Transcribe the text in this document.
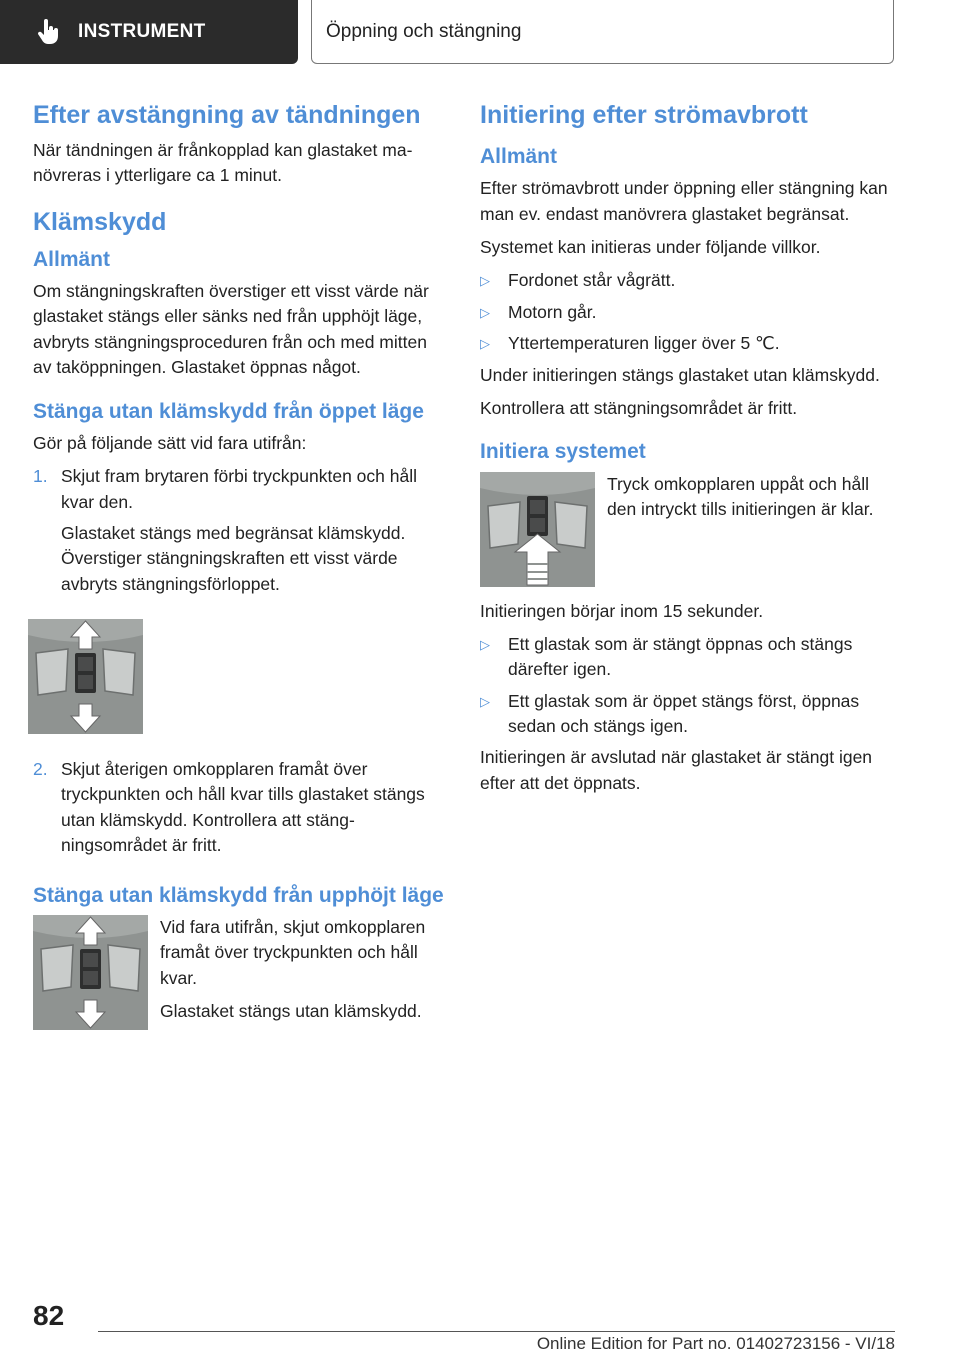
INSTRUMENT	Öppning och stängning
Efter avstängning av tändningen

När tändningen är frånkopplad kan glastaket manövreras i ytterligare ca 1 minut.

Klämskydd
Allmänt

Om stängningskraften överstiger ett visst värde när glastaket stängs eller sänks ned från upphöjt läge, avbryts stängningsproceduren från och med mitten av taköppningen. Glastaket öppnas något.

Stänga utan klämskydd från öppet läge

Gör på följande sätt vid fara utifrån:

1. Skjut fram brytaren förbi tryckpunkten och håll kvar den.

Glastaket stängs med begränsat klämskydd. Överstiger stängningskraften ett visst värde avbryts stängningsförloppet.

2. Skjut återigen omkopplaren framåt över tryckpunkten och håll kvar tills glastaket stängs utan klämskydd. Kontrollera att stängningsområdet är fritt.

Stänga utan klämskydd från upphöjt läge

Vid fara utifrån, skjut omkopplaren framåt över tryckpunkten och håll kvar.

Glastaket stängs utan klämskydd.

Initiering efter strömavbrott
Allmänt

Efter strömavbrott under öppning eller stängning kan man ev. endast manövrera glastaket begränsat.

Systemet kan initieras under följande villkor.

▷	Fordonet står vågrätt.
▷	Motorn går.
▷	Yttertemperaturen ligger över 5 ℃.

Under initieringen stängs glastaket utan klämskydd.

Kontrollera att stängningsområdet är fritt.

Initiera systemet

Tryck omkopplaren uppåt och håll den intryckt tills initieringen är klar.

Initieringen börjar inom 15 sekunder.

▷	Ett glastak som är stängt öppnas och stängs därefter igen.
▷	Ett glastak som är öppet stängs först, öppnas sedan och stängs igen.

Initieringen är avslutad när glastaket är stängt igen efter att det öppnats.

82
Online Edition for Part no. 01402723156 - VI/18
